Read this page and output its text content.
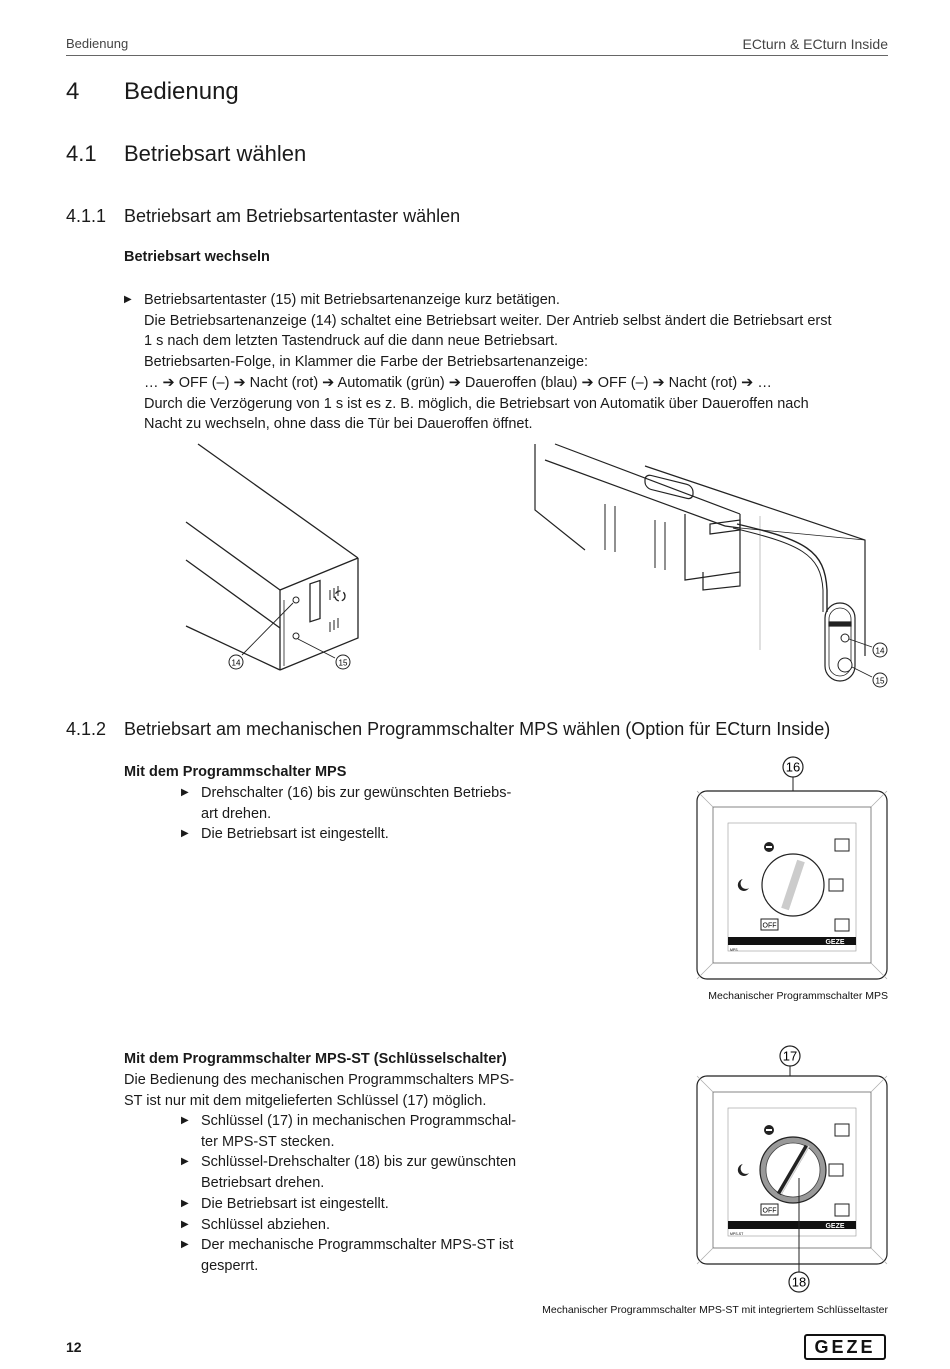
Bedienung	ECturn & ECturn Inside
4 Bedienung
4.1 Betriebsart wählen
4.1.1 Betriebsart am Betriebsartentaster wählen
Betriebsart wechseln
▶ Betriebsartentaster (15) mit Betriebsartenanzeige kurz betätigen.
Die Betriebsartenanzeige (14) schaltet eine Betriebsart weiter. Der Antrieb selbst ändert die Betriebsart erst
1 s nach dem letzten Tastendruck auf die dann neue Betriebsart.
Betriebsarten-Folge, in Klammer die Farbe der Betriebsartenanzeige:
… ➔ OFF (–) ➔ Nacht (rot) ➔ Automatik (grün) ➔ Daueroffen (blau) ➔ OFF (–) ➔ Nacht (rot) ➔ …
Durch die Verzögerung von 1 s ist es z. B. möglich, die Betriebsart von Automatik über Daueroffen nach
Nacht zu wechseln, ohne dass die Tür bei Daueroffen öffnet.
14	15
14
15
4.1.2 Betriebsart am mechanischen Programmschalter MPS wählen (Option für ECturn Inside)
Mit dem Programmschalter MPS
▶ Drehschalter (16) bis zur gewünschten Betriebs-
art drehen.
▶ Die Betriebsart ist eingestellt.
16
OFF
GEZE
MPS
Mechanischer Programmschalter MPS
Mit dem Programmschalter MPS-ST (Schlüsselschalter)
Die Bedienung des mechanischen Programmschalters MPS-
ST ist nur mit dem mitgelieferten Schlüssel (17) möglich.
▶ Schlüssel (17) in mechanischen Programmschal-
ter MPS-ST stecken.
▶ Schlüssel-Drehschalter (18) bis zur gewünschten
Betriebsart drehen.
▶ Die Betriebsart ist eingestellt.
▶ Schlüssel abziehen.
▶ Der mechanische Programmschalter MPS-ST ist
gesperrt.
17
OFF
GEZE
MPS-ST
18
Mechanischer Programmschalter MPS-ST mit integriertem Schlüsseltaster
12	GEZE
